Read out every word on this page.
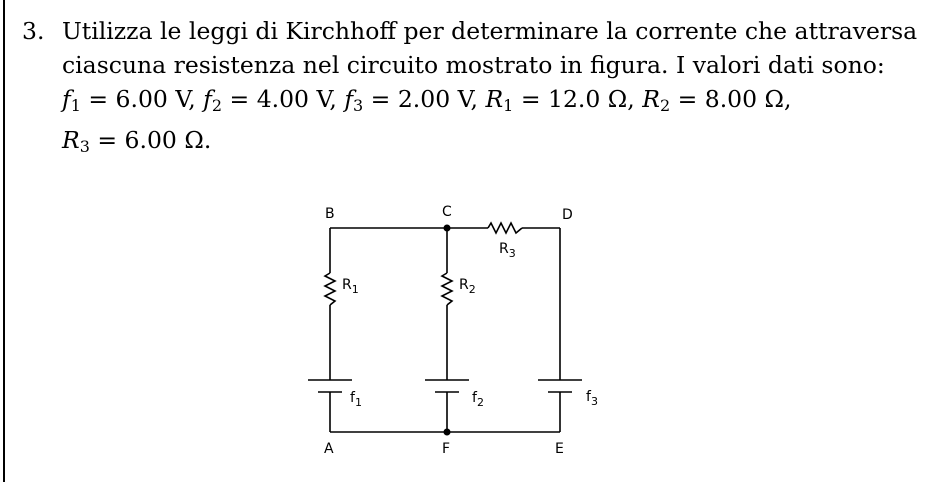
3. Utilizza le leggi di Kirchhoff per determinare la corrente che attraversa
ciascuna resistenza nel circuito mostrato in figura. I valori dati sono:
$f_1 = 6.00$ V, $f_2 = 4.00$ V, $f_3 = 2.00$ V, $R_1 = 12.0$ Ω, $R_2 = 8.00$ Ω,
$R_3 = 6.00$ Ω.
B	C	D
A	F	E
$R_1$	$R_2$
$R_3$
$f_1$	$f_2$	$f_3$
